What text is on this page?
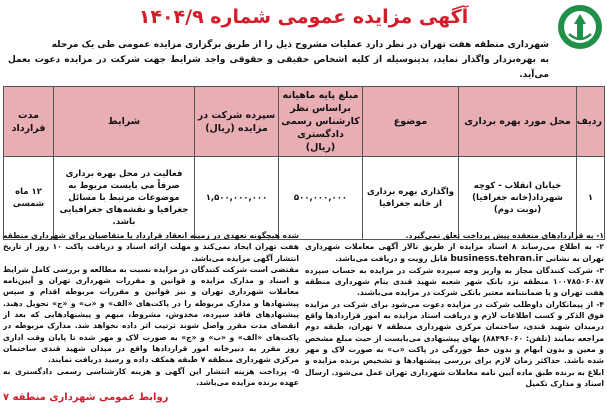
آگهی مزایده عمومی شماره ۱۴۰۴/۹

شهرداری منطقه هفت تهران در نظر دارد عملیات مشروح ذیل را از طریق برگزاری مزایده عمومی طی یک مرحله

به بهره‌بردار واگذار نماید، بدینوسیله از کلیه اشخاص حقیقی و حقوقی واجد شرایط جهت شرکت در مزایده دعوت بعمل می‌آید.

ردیف	محل مورد بهره برداری	موضوع	مبلغ پایه ماهیانه براساس نظر کارشناس رسمی دادگستری (ریال)	سپرده شرکت در مزایده (ریال)	شرایط	مدت قرارداد
۱	خیابان انقلاب - کوچه شهرداد(خانه جغرافیا)(نوبت دوم)	واگذاری بهره برداری از خانه جغرافیا	۵۰۰,۰۰۰,۰۰۰	۱,۵۰۰,۰۰۰,۰۰۰	فعالیت در محل بهره برداری صرفاً می بایست مربوط به موضوعات مرتبط با مسائل جغرافیا و نقشه‌های جغرافیایی باشد.	۱۲ ماه شمسی

۱- به قراردادهای منعقده پیش پرداخت تعلق نمی‌گیرد.

۲- به اطلاع می‌رساند ۸ اسناد مزایده از طریق تالار آگهی معاملات شهرداری تهران به نشانی business.tehran.ir قابل رویت و دریافت می‌باشد.

۳- شرکت کنندگان مجاز به واریز وجه سپرده شرکت در مزایده به حساب سپرده ۱۰۰۷۸۵۰۶۰۸۷ منطقه نزد بانک شهر شعبه شهید قندی بنام شهرداری منطقه هفت تهران و یا ضمانتنامه معتبر بانکی شرکت در مزایده می‌باشند.

۴- از پیمانکاران داوطلب شرکت در مزایده دعوت می‌شود برای شرکت در مزایده فوق الذکر و کسب اطلاعات لازم و دریافت اسناد مزایده به امور قراردادها واقع درمیدان شهید قندی، ساختمان مرکزی شهرداری منطقه ۷ تهران، طبقه دوم مراجعه نمایند (تلفن: ۸۸۴۹۶۰۶۰) بهای پیشنهادی می‌بایست از حیث مبلغ مشخص و معین و بدون ابهام و بدون خط خوردگی در پاکت «ب» به صورت لاک و مهر شده باشد. حداکثر زمان لازم برای بررسی پیشنهادها و تشخیص برنده مزایده و ابلاغ به برنده طبق ماده آیین نامه معاملات شهرداری تهران عمل می‌شود. ارسال اسناد و مدارک تکمیل

شده هیچگونه تعهدی در زمینه انعقاد قرارداد با متقاضیان برای شهرداری منطقه هفت تهران ایجاد نمی‌کند و مهلت ارائه اسناد و دریافت پاکت ۱۰ روز از تاریخ انتشار آگهی مزایده می‌باشد.

مقتضی است شرکت کنندگان در مزایده نسبت به مطالعه و بررسی کامل شرایط و اسناد و مدارک مزایده و قوانین و مقررات شهرداری تهران و آیین‌نامه معاملات شهرداری تهران و نیز قوانین و مقررات مربوطه اقدام و سپس پیشنهادها و مدارک مربوطه را در پاکت‌های «الف» و «ب» و «ج» تحویل دهند. پیشنهادهای فاقد سپرده، مخدوش، مشروط، مبهم و پیشنهادهایی که بعد از انقضای مدت مقرر واصل شوند ترتیب اثر داده نخواهد شد. مدارک مربوطه در پاکت‌های «الف» و «ب» و «ج» به صورت لاک و مهر شده تا پایان وقت اداری روز مقرر به دبیرخانه امور قراردادها واقع در میدان شهید قندی ساختمان مرکزی شهرداری منطقه ۷ طبقه همکف داده و رسید دریافت نمایند.

۵- پرداخت هزینه انتشار این آگهی و هزینه کارشناسی رسمی دادگستری به عهده برنده مزایده می‌باشد.

روابط عمومی شهرداری منطقه ۷
